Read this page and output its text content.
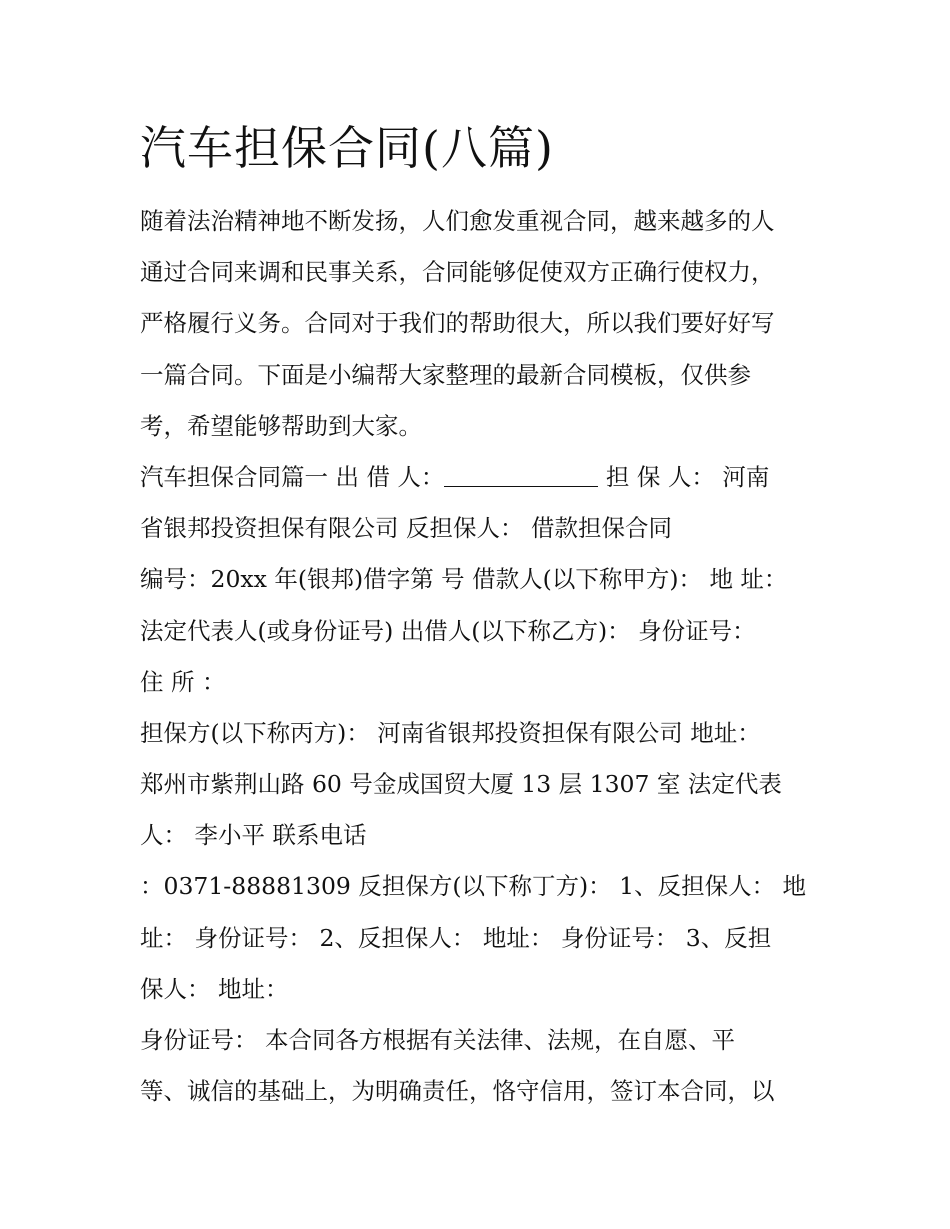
汽车担保合同(八篇)
随着法治精神地不断发扬，人们愈发重视合同，越来越多的人
通过合同来调和民事关系，合同能够促使双方正确行使权力，
严格履行义务。合同对于我们的帮助很大，所以我们要好好写
一篇合同。下面是小编帮大家整理的最新合同模板，仅供参
考，希望能够帮助到大家。
汽车担保合同篇一 出 借 人：	担 保 人： 河南
省银邦投资担保有限公司 反担保人： 借款担保合同
编号：20xx 年(银邦)借字第 号 借款人(以下称甲方)： 地 址：
法定代表人(或身份证号) 出借人(以下称乙方)： 身份证号：
住 所 ：
担保方(以下称丙方)： 河南省银邦投资担保有限公司 地址：
郑州市紫荆山路 60 号金成国贸大厦 13 层 1307 室 法定代表
人： 李小平 联系电话
：0371-88881309 反担保方(以下称丁方)： 1、反担保人： 地
址： 身份证号： 2、反担保人： 地址： 身份证号： 3、反担
保人： 地址：
身份证号： 本合同各方根据有关法律、法规，在自愿、平
等、诚信的基础上，为明确责任，恪守信用，签订本合同，以
